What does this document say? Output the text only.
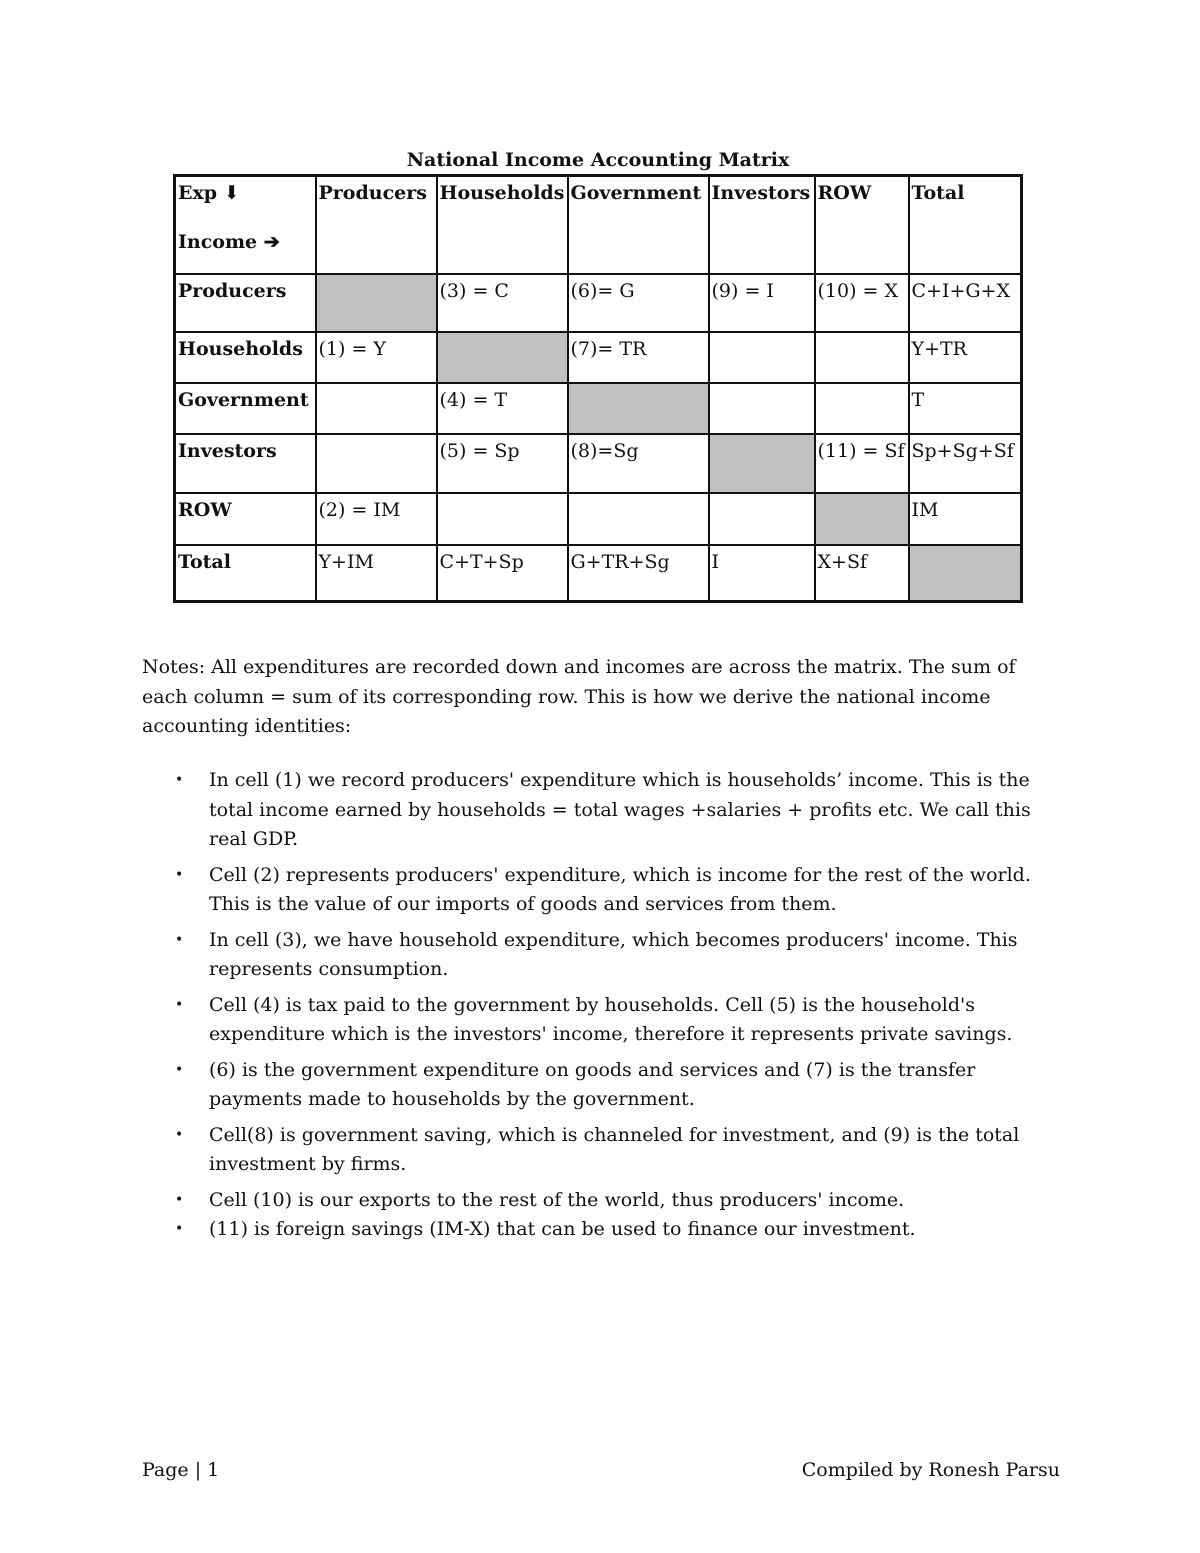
National Income Accounting Matrix
Exp ⬇
Income ➔	Producers	Households	Government	Investors	ROW	Total
Producers		(3) = C	(6)= G	(9) = I	(10) = X	C+I+G+X
Households	(1) = Y		(7)= TR			Y+TR
Government		(4) = T				T
Investors		(5) = Sp	(8)=Sg		(11) = Sf	Sp+Sg+Sf
ROW	(2) = IM					IM
Total	Y+IM	C+T+Sp	G+TR+Sg	I	X+Sf	

Notes: All expenditures are recorded down and incomes are across the matrix. The sum of each column = sum of its corresponding row. This is how we derive the national income accounting identities:

• In cell (1) we record producers' expenditure which is households’ income. This is the total income earned by households = total wages +salaries + profits etc. We call this real GDP.
• Cell (2) represents producers' expenditure, which is income for the rest of the world. This is the value of our imports of goods and services from them.
• In cell (3), we have household expenditure, which becomes producers' income. This represents consumption.
• Cell (4) is tax paid to the government by households. Cell (5) is the household's expenditure which is the investors' income, therefore it represents private savings.
• (6) is the government expenditure on goods and services and (7) is the transfer payments made to households by the government.
• Cell(8) is government saving, which is channeled for investment, and (9) is the total investment by firms.
• Cell (10) is our exports to the rest of the world, thus producers' income.
• (11) is foreign savings (IM-X) that can be used to finance our investment.
Page | 1	Compiled by Ronesh Parsu
